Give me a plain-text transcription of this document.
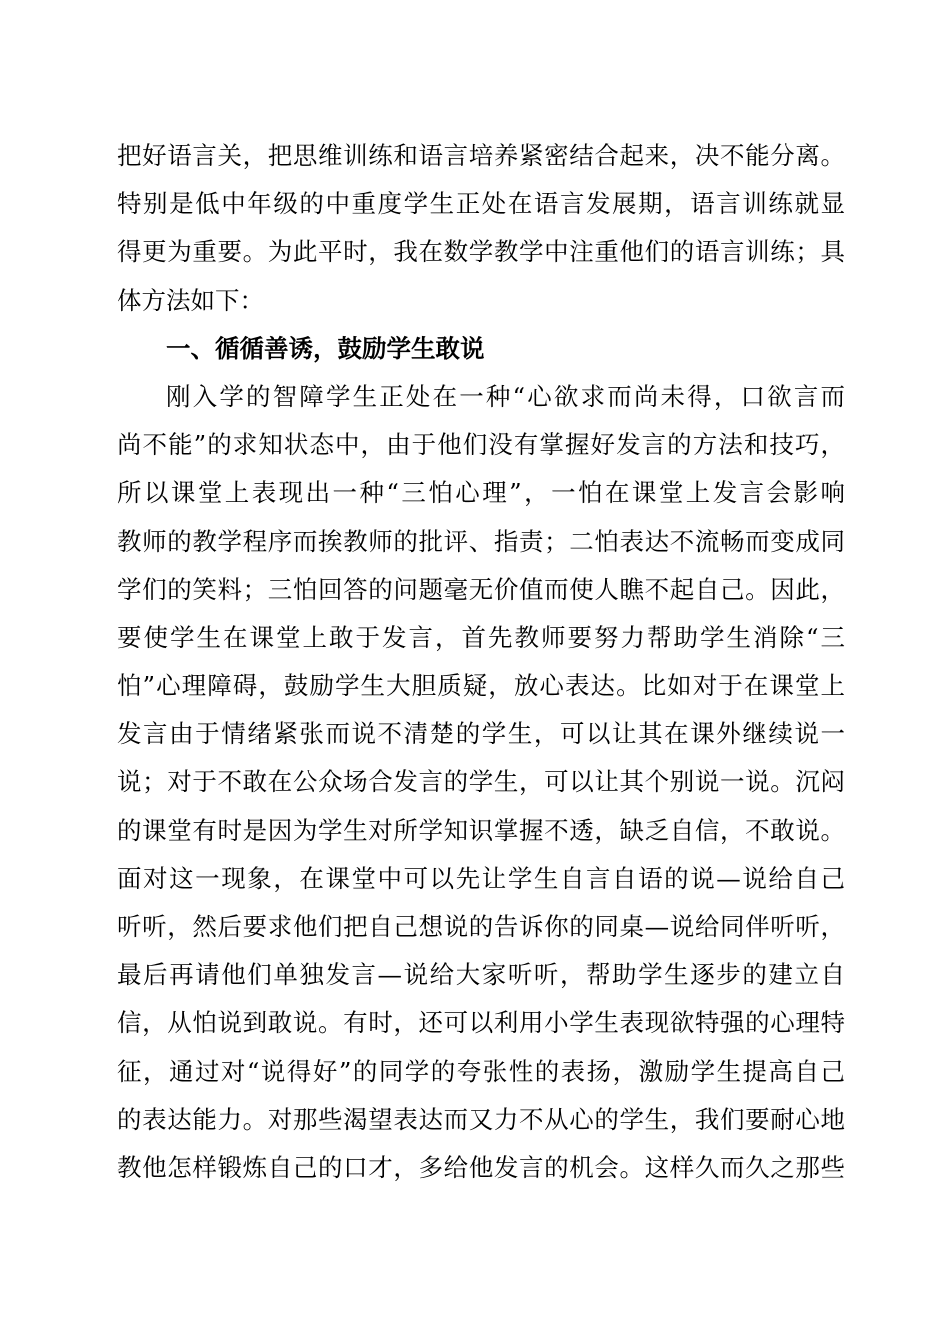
把好语言关，把思维训练和语言培养紧密结合起来，决不能分离。
特别是低中年级的中重度学生正处在语言发展期，语言训练就显
得更为重要。为此平时，我在数学教学中注重他们的语言训练；具
体方法如下：
一、循循善诱，鼓励学生敢说
刚入学的智障学生正处在一种“心欲求而尚未得，口欲言而
尚不能”的求知状态中，由于他们没有掌握好发言的方法和技巧，
所以课堂上表现出一种“三怕心理”，一怕在课堂上发言会影响
教师的教学程序而挨教师的批评、指责；二怕表达不流畅而变成同
学们的笑料；三怕回答的问题毫无价值而使人瞧不起自己。因此，
要使学生在课堂上敢于发言，首先教师要努力帮助学生消除“三
怕”心理障碍，鼓励学生大胆质疑，放心表达。比如对于在课堂上
发言由于情绪紧张而说不清楚的学生，可以让其在课外继续说一
说；对于不敢在公众场合发言的学生，可以让其个别说一说。沉闷
的课堂有时是因为学生对所学知识掌握不透，缺乏自信，不敢说。
面对这一现象，在课堂中可以先让学生自言自语的说—说给自己
听听，然后要求他们把自己想说的告诉你的同桌—说给同伴听听，
最后再请他们单独发言—说给大家听听，帮助学生逐步的建立自
信，从怕说到敢说。有时，还可以利用小学生表现欲特强的心理特
征，通过对“说得好”的同学的夸张性的表扬，激励学生提高自己
的表达能力。对那些渴望表达而又力不从心的学生，我们要耐心地
教他怎样锻炼自己的口才，多给他发言的机会。这样久而久之那些
